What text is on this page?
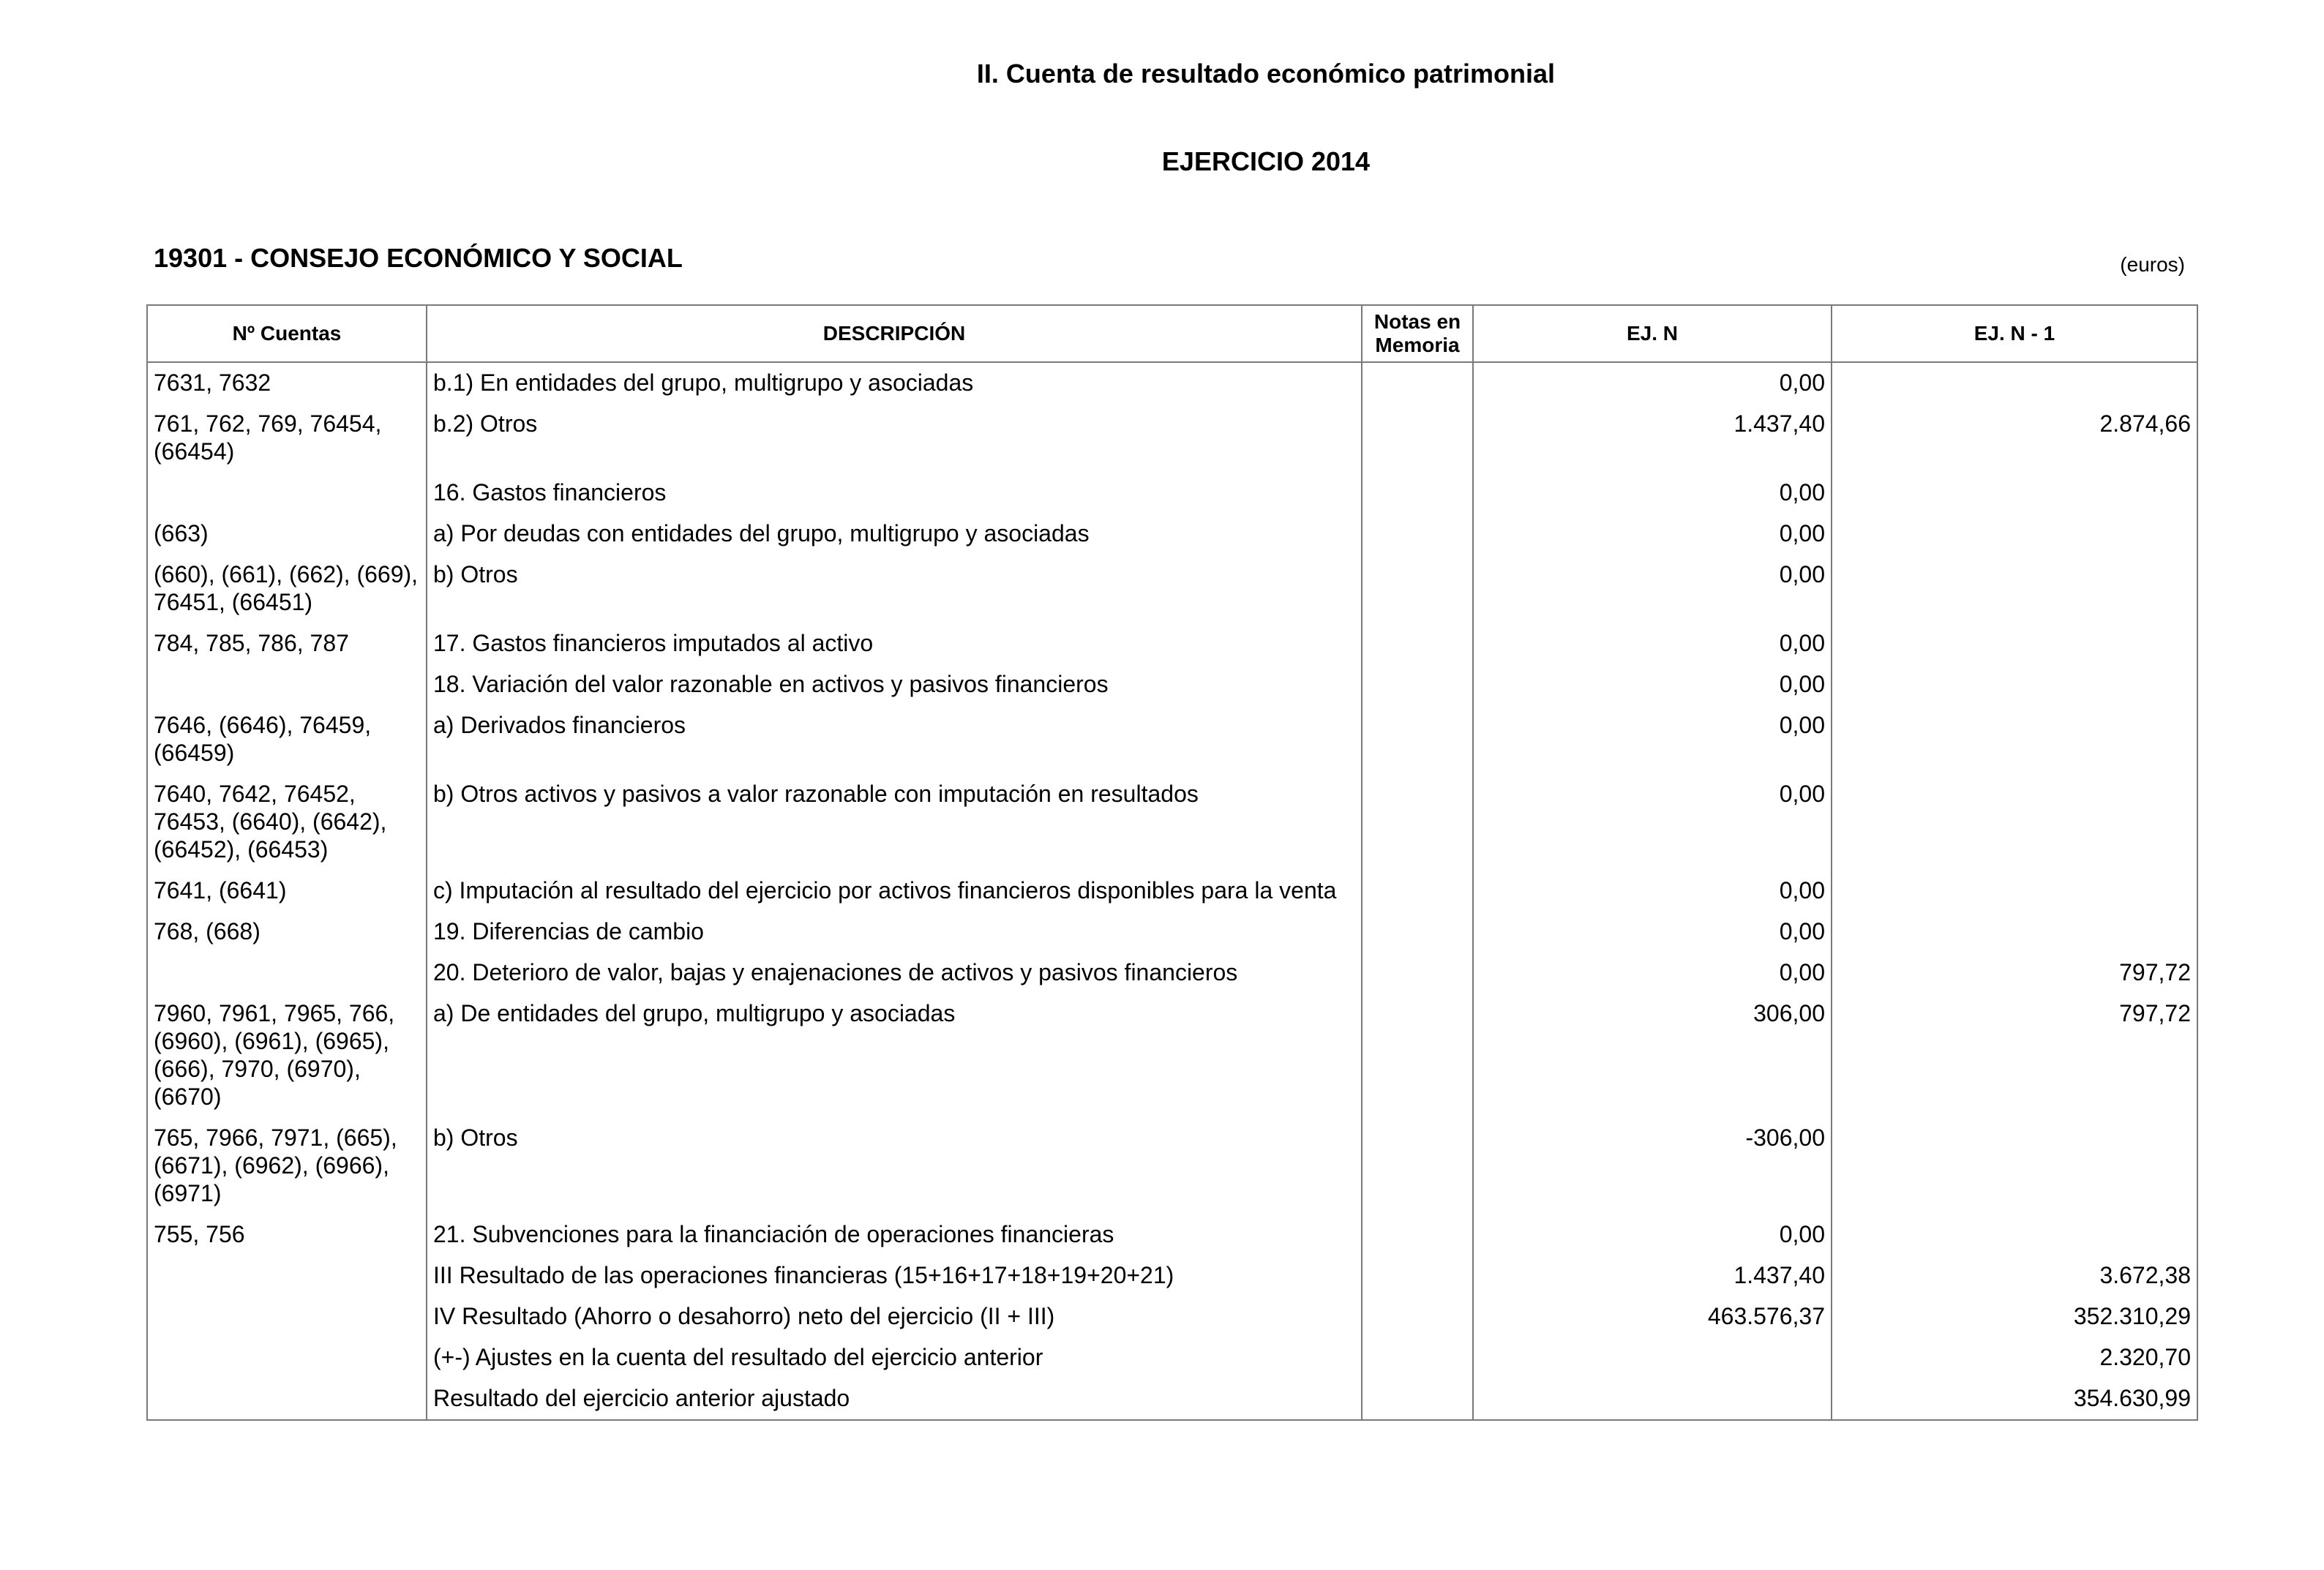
II. Cuenta de resultado económico patrimonial
EJERCICIO 2014
19301 - CONSEJO ECONÓMICO Y SOCIAL	(euros)
Nº Cuentas	DESCRIPCIÓN	Notas en Memoria	EJ. N	EJ. N - 1
7631, 7632	b.1) En entidades del grupo, multigrupo y asociadas		0,00	
761, 762, 769, 76454, (66454)	b.2) Otros		1.437,40	2.874,66
	16. Gastos financieros		0,00	
(663)	a) Por deudas con entidades del grupo, multigrupo y asociadas		0,00	
(660), (661), (662), (669), 76451, (66451)	b) Otros		0,00	
784, 785, 786, 787	17. Gastos financieros imputados al activo		0,00	
	18. Variación del valor razonable en activos y pasivos financieros		0,00	
7646, (6646), 76459, (66459)	a) Derivados financieros		0,00	
7640, 7642, 76452, 76453, (6640), (6642), (66452), (66453)	b) Otros activos y pasivos a valor razonable con imputación en resultados		0,00	
7641, (6641)	c) Imputación al resultado del ejercicio por activos financieros disponibles para la venta		0,00	
768, (668)	19. Diferencias de cambio		0,00	
	20. Deterioro de valor, bajas y enajenaciones de activos y pasivos financieros		0,00	797,72
7960, 7961, 7965, 766, (6960), (6961), (6965), (666), 7970, (6970), (6670)	a) De entidades del grupo, multigrupo y asociadas		306,00	797,72
765, 7966, 7971, (665), (6671), (6962), (6966), (6971)	b) Otros		-306,00	
755, 756	21. Subvenciones para la financiación de operaciones financieras		0,00	
	III Resultado de las operaciones financieras (15+16+17+18+19+20+21)		1.437,40	3.672,38
	IV Resultado (Ahorro o desahorro) neto del ejercicio (II + III)		463.576,37	352.310,29
	(+-) Ajustes en la cuenta del resultado del ejercicio anterior			2.320,70
	Resultado del ejercicio anterior ajustado			354.630,99
